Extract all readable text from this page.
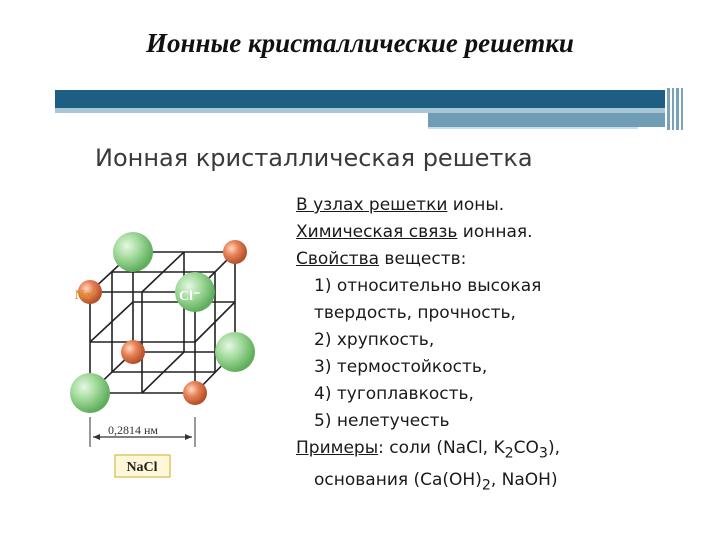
Ионные кристаллические решетки
Ионная кристаллическая решетка
Na⁺	Cl⁻
0,2814 нм
NaCl
В узлах решетки ионы.
Химическая связь ионная.
Свойства веществ:
1) относительно высокая
твердость, прочность,
2) хрупкость,
3) термостойкость,
4) тугоплавкость,
5) нелетучесть
Примеры: соли (NaCl, $K_2CO_3$),
основания ($Ca(OH)_2$, NaOH)
